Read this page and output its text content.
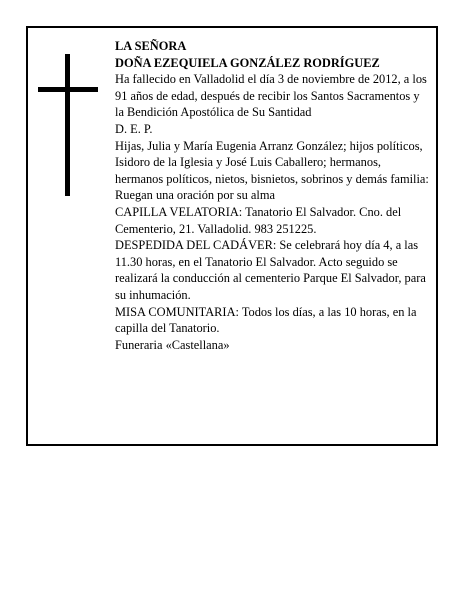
LA SEÑORA

DOÑA EZEQUIELA GONZÁLEZ RODRÍGUEZ

Ha fallecido en Valladolid el día 3 de noviembre de 2012, a los 91 años de edad, después de recibir los Santos Sacramentos y la Bendición Apostólica de Su Santidad

D. E. P.

Hijas, Julia y María Eugenia Arranz González; hijos políticos, Isidoro de la Iglesia y José Luis Caballero; hermanos, hermanos políticos, nietos, bisnietos, sobrinos y demás familia:

Ruegan una oración por su alma

CAPILLA VELATORIA: Tanatorio El Salvador. Cno. del Cementerio, 21. Valladolid. 983 251225.

DESPEDIDA DEL CADÁVER: Se celebrará hoy día 4, a las 11.30 horas, en el Tanatorio El Salvador. Acto seguido se realizará la conducción al cementerio Parque El Salvador, para su inhumación.

MISA COMUNITARIA: Todos los días, a las 10 horas, en la capilla del Tanatorio.

Funeraria «Castellana»
